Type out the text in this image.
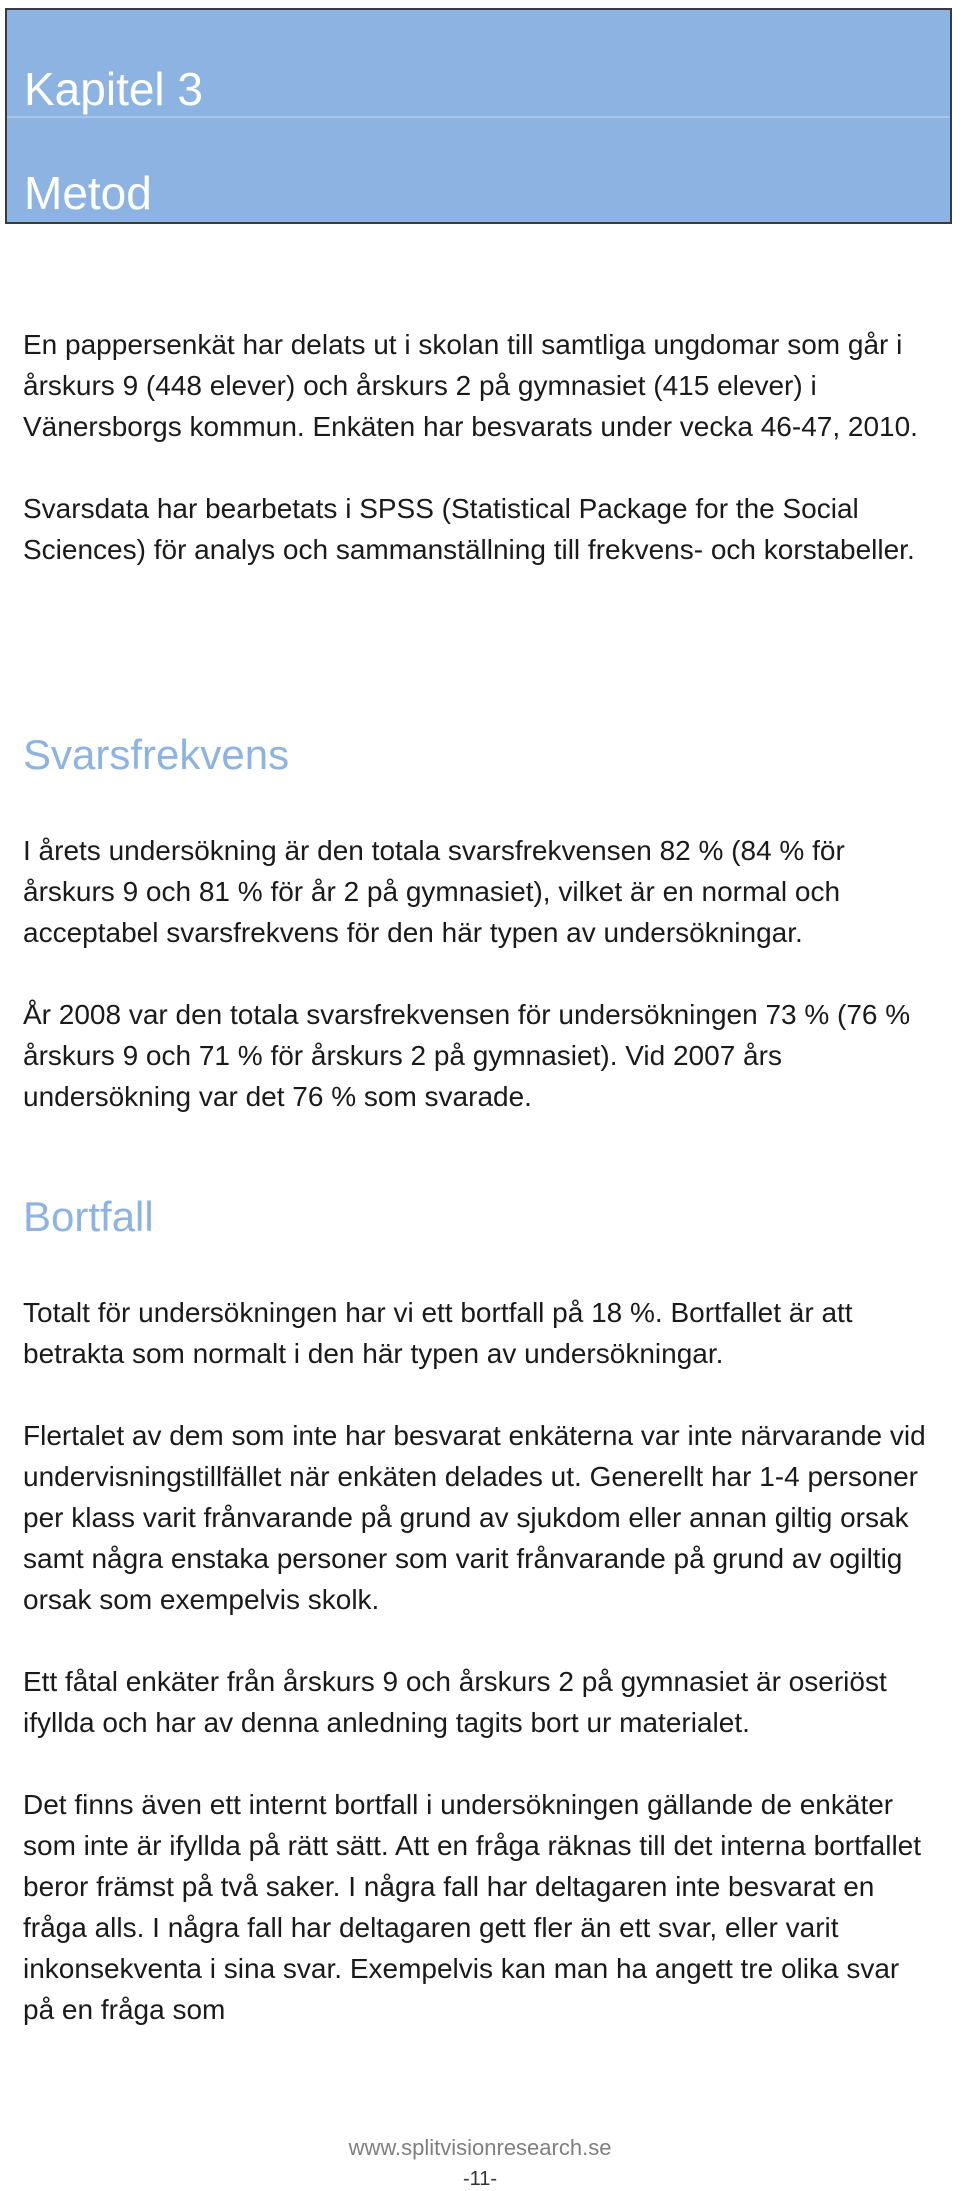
Kapitel 3
Metod

En pappersenkät har delats ut i skolan till samtliga ungdomar som går i årskurs 9 (448 elever) och årskurs 2 på gymnasiet (415 elever) i Vänersborgs kommun. Enkäten har besvarats under vecka 46-47, 2010.

Svarsdata har bearbetats i SPSS (Statistical Package for the Social Sciences) för analys och sammanställning till frekvens- och korstabeller.

Svarsfrekvens

I årets undersökning är den totala svarsfrekvensen 82 % (84 % för årskurs 9 och 81 % för år 2 på gymnasiet), vilket är en normal och acceptabel svarsfrekvens för den här typen av undersökningar.

År 2008 var den totala svarsfrekvensen för undersökningen 73 % (76 % årskurs 9 och 71 % för årskurs 2 på gymnasiet). Vid 2007 års undersökning var det 76 % som svarade.

Bortfall

Totalt för undersökningen har vi ett bortfall på 18 %. Bortfallet är att betrakta som normalt i den här typen av undersökningar.

Flertalet av dem som inte har besvarat enkäterna var inte närvarande vid undervisningstillfället när enkäten delades ut. Generellt har 1-4 personer per klass varit frånvarande på grund av sjukdom eller annan giltig orsak samt några enstaka personer som varit frånvarande på grund av ogiltig orsak som exempelvis skolk.

Ett fåtal enkäter från årskurs 9 och årskurs 2 på gymnasiet är oseriöst ifyllda och har av denna anledning tagits bort ur materialet.

Det finns även ett internt bortfall i undersökningen gällande de enkäter som inte är ifyllda på rätt sätt. Att en fråga räknas till det interna bortfallet beror främst på två saker. I några fall har deltagaren inte besvarat en fråga alls. I några fall har deltagaren gett fler än ett svar, eller varit inkonsekventa i sina svar. Exempelvis kan man ha angett tre olika svar på en fråga som

www.splitvisionresearch.se
-11-
